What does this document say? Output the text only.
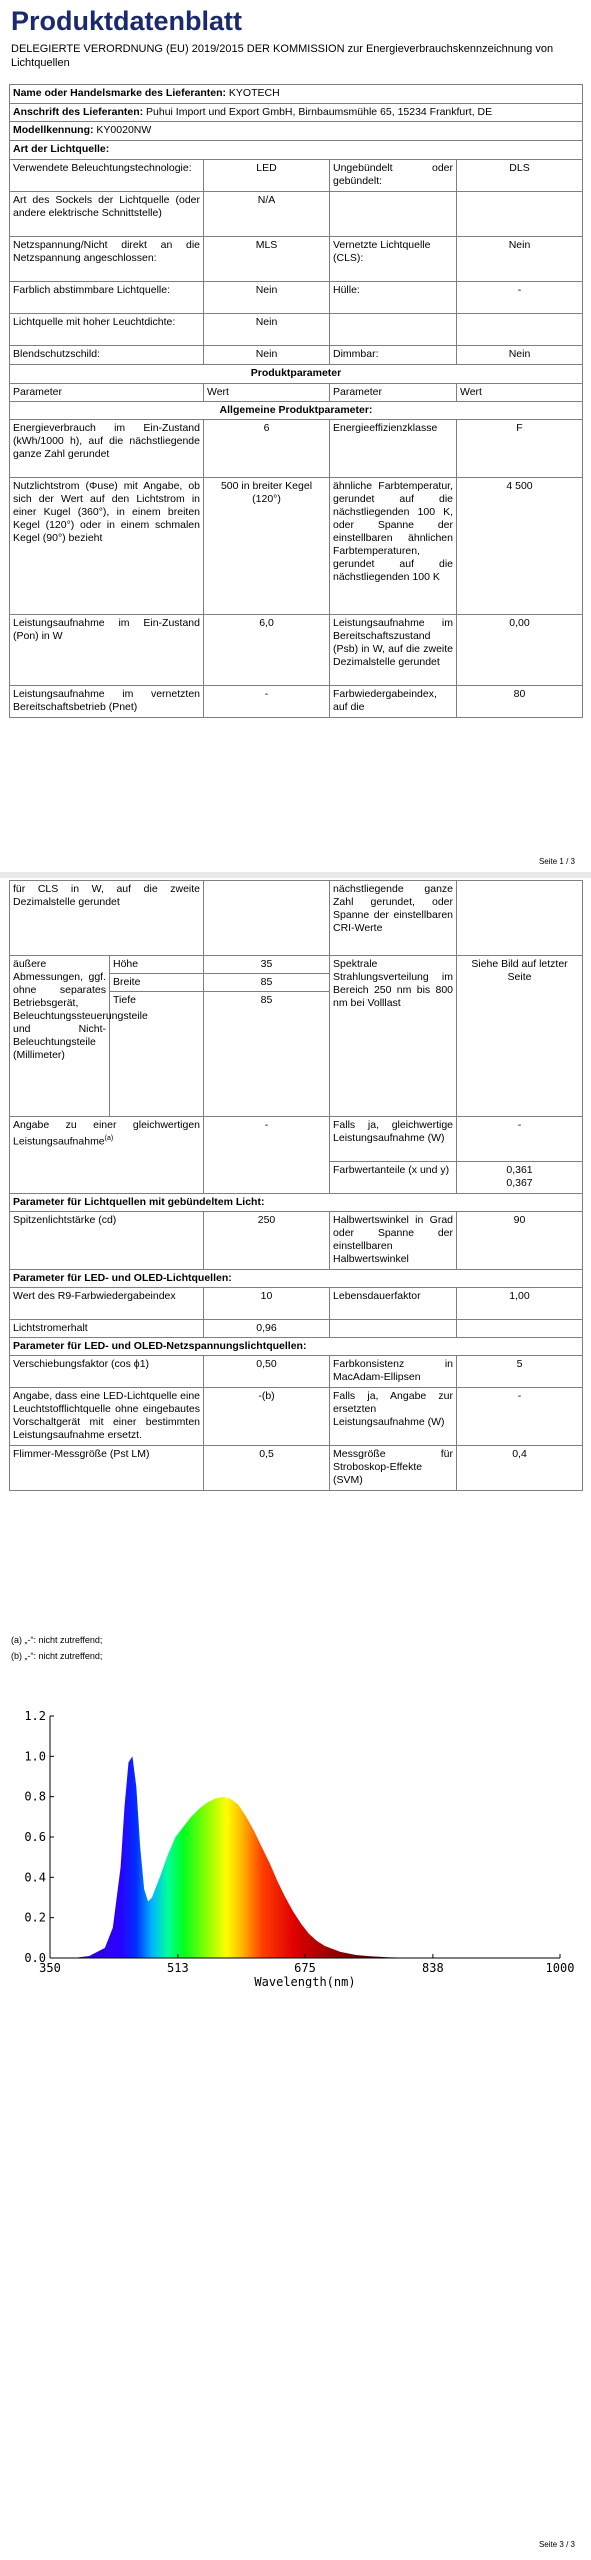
Produktdatenblatt
DELEGIERTE VERORDNUNG (EU) 2019/2015 DER KOMMISSION zur Energieverbrauchskennzeichnung von Lichtquellen
Name oder Handelsmarke des Lieferanten: KYOTECH			
Anschrift des Lieferanten: Puhui Import und Export GmbH, Birnbaumsmühle 65, 15234 Frankfurt, DE			
Modellkennung: KY0020NW			
Art der Lichtquelle:			
Verwendete Beleuchtungstechnologie:	LED	Ungebündelt oder gebündelt:	DLS
Art des Sockels der Lichtquelle (oder andere elektrische Schnittstelle)	N/A		
Netzspannung/Nicht direkt an die Netzspannung angeschlossen:	MLS	Vernetzte Lichtquelle (CLS):	Nein
Farblich abstimmbare Lichtquelle:	Nein	Hülle:	-
Lichtquelle mit hoher Leuchtdichte:	Nein		
Blendschutzschild:	Nein	Dimmbar:	Nein
Produktparameter			
Parameter	Wert	Parameter	Wert
Allgemeine Produktparameter:			
Energieverbrauch im Ein-Zustand (kWh/1000 h), auf die nächstliegende ganze Zahl gerundet	6	Energieeffizienzklasse	F
Nutzlichtstrom (Φuse) mit Angabe, ob sich der Wert auf den Lichtstrom in einer Kugel (360°), in einem breiten Kegel (120°) oder in einem schmalen Kegel (90°) bezieht	500 in breiter Kegel (120°)	ähnliche Farbtemperatur, gerundet auf die nächstliegenden 100 K, oder Spanne der einstellbaren ähnlichen Farbtemperaturen, gerundet auf die nächstliegenden 100 K	4 500
Leistungsaufnahme im Ein-Zustand (Pon) in W	6,0	Leistungsaufnahme im Bereitschaftszustand (Psb) in W, auf die zweite Dezimalstelle gerundet	0,00
Leistungsaufnahme im vernetzten Bereitschaftsbetrieb (Pnet)	-	Farbwiedergabeindex, auf die	80
Seite 1 / 3
für CLS in W, auf die zweite Dezimalstelle gerundet			nächstliegende ganze Zahl gerundet, oder Spanne der einstellbaren CRI-Werte	
äußere Abmessungen, ggf. ohne separates Betriebsgerät, Beleuchtungssteuerungsteile und Nicht-Beleuchtungsteile (Millimeter)	Höhe	35	Spektrale Strahlungsverteilung im Bereich 250 nm bis 800 nm bei Volllast	Siehe Bild auf letzter Seite
	Breite	85		
	Tiefe	85		
Angabe zu einer gleichwertigen Leistungsaufnahme$^{(a)}$		-	Falls ja, gleichwertige Leistungsaufnahme (W)	-
			Farbwertanteile (x und y)	0,361
0,367
Parameter für Lichtquellen mit gebündeltem Licht:				
Spitzenlichtstärke (cd)		250	Halbwertswinkel in Grad oder Spanne der einstellbaren Halbwertswinkel	90
Parameter für LED- und OLED-Lichtquellen:				
Wert des R9-Farbwiedergabeindex		10	Lebensdauerfaktor	1,00
Lichtstromerhalt		0,96		
Parameter für LED- und OLED-Netzspannungslichtquellen:				
Verschiebungsfaktor (cos ϕ1)		0,50	Farbkonsistenz in MacAdam-Ellipsen	5
Angabe, dass eine LED-Lichtquelle eine Leuchtstofflichtquelle ohne eingebautes Vorschaltgerät mit einer bestimmten Leistungsaufnahme ersetzt.		-(b)	Falls ja, Angabe zur ersetzten Leistungsaufnahme (W)	-
Flimmer-Messgröße (Pst LM)		0,5	Messgröße für Stroboskop-Effekte (SVM)	0,4
(a) „-“: nicht zutreffend;
(b) „-“: nicht zutreffend;
0.0
0.2
0.4
0.6
0.8
1.0
1.2
350	513	675	838	1000
Wavelength(nm)
Seite 3 / 3
